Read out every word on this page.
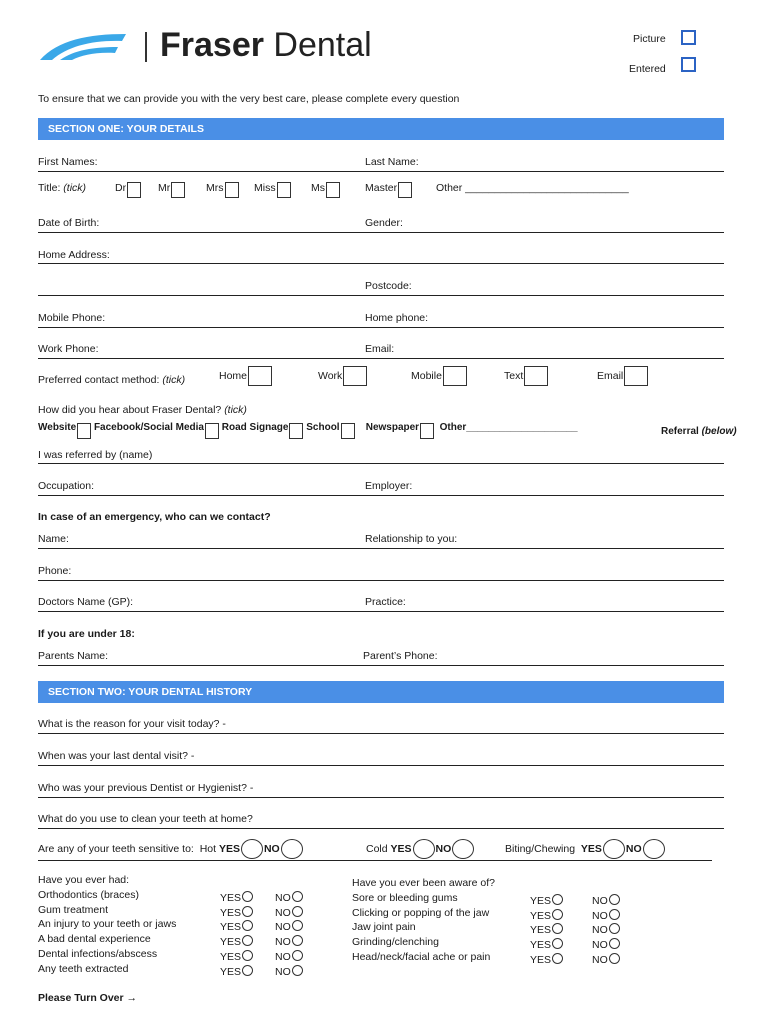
Fraser Dental	Picture
Entered
To ensure that we can provide you with the very best care, please complete every question
SECTION ONE: YOUR DETAILS
First Names:	Last Name:
Title: (tick)	Dr	Mr	Mrs	Miss	Ms	Master	Other ____________________________
Date of Birth:	Gender:
Home Address:
Postcode:
Mobile Phone:	Home phone:
Work Phone:	Email:
Preferred contact method: (tick)	Home	Work	Mobile	Text	Email
How did you hear about Fraser Dental? (tick)
Website Facebook/Social Media Road Signage School	Newspaper Other____________________	Referral (below)
I was referred by (name)
Occupation:	Employer:
In case of an emergency, who can we contact?
Name:	Relationship to you:
Phone:
Doctors Name (GP):	Practice:
If you are under 18:
Parents Name:	Parent’s Phone:
SECTION TWO: YOUR DENTAL HISTORY
What is the reason for your visit today? -
When was your last dental visit? -
Who was your previous Dentist or Hygienist? -
What do you use to clean your teeth at home?
Are any of your teeth sensitive to: Hot YES NO	Cold YES NO	Biting/Chewing YES NO
Have you ever had:
Orthodontics (braces)	YES	NO
Gum treatment	YES	NO
An injury to your teeth or jaws	YES	NO
A bad dental experience	YES	NO
Dental infections/abscess	YES	NO
Any teeth extracted	YES	NO
Have you ever been aware of?
Sore or bleeding gums	YES	NO
Clicking or popping of the jaw	YES	NO
Jaw joint pain	YES	NO
Grinding/clenching	YES	NO
Head/neck/facial ache or pain	YES	NO
Please Turn Over →
